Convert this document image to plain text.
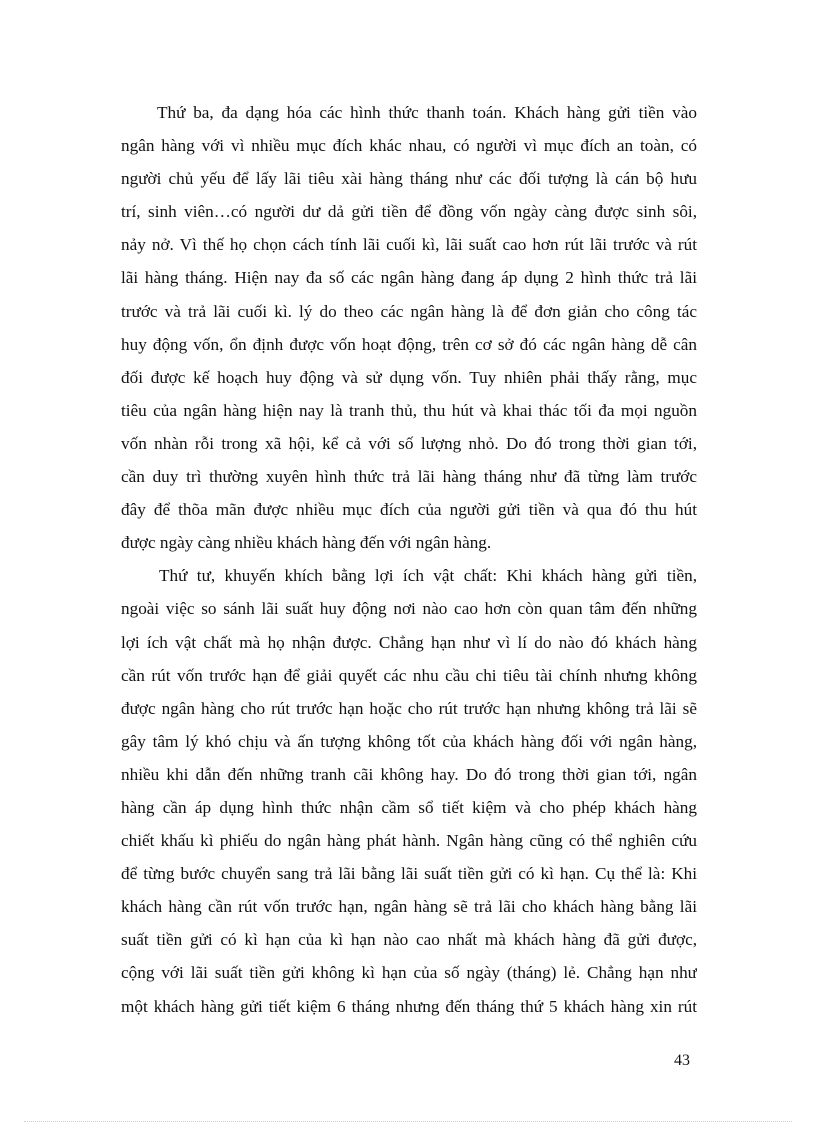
Thứ ba, đa dạng hóa các hình thức thanh toán. Khách hàng gửi tiền vào
ngân hàng với vì nhiều mục đích khác nhau, có người vì mục đích an toàn, có
người chủ yếu để lấy lãi tiêu xài hàng tháng như các đối tượng là cán bộ hưu
trí, sinh viên…có người dư dả gửi tiền để đồng vốn ngày càng được sinh sôi,
nảy nở. Vì thế họ chọn cách tính lãi cuối kì, lãi suất cao hơn rút lãi trước và rút
lãi hàng tháng. Hiện nay đa số các ngân hàng đang áp dụng 2 hình thức trả lãi
trước và trả lãi cuối kì. lý do theo các ngân hàng là để đơn giản cho công tác
huy động vốn, ổn định được vốn hoạt động, trên cơ sở đó các ngân hàng dễ cân
đối được kế hoạch huy động và sử dụng vốn. Tuy nhiên phải thấy rằng, mục
tiêu của ngân hàng hiện nay là tranh thủ, thu hút và khai thác tối đa mọi nguồn
vốn nhàn rỗi trong xã hội, kể cả với số lượng nhỏ. Do đó trong thời gian tới,
cần duy trì thường xuyên hình thức trả lãi hàng tháng như đã từng làm trước
đây để thõa mãn được nhiều mục đích của người gửi tiền và qua đó thu hút
được ngày càng nhiều khách hàng đến với ngân hàng.

Thứ tư, khuyến khích bằng lợi ích vật chất: Khi khách hàng gửi tiền,
ngoài việc so sánh lãi suất huy động nơi nào cao hơn còn quan tâm đến những
lợi ích vật chất mà họ nhận được. Chẳng hạn như vì lí do nào đó khách hàng
cần rút vốn trước hạn để giải quyết các nhu cầu chi tiêu tài chính nhưng không
được ngân hàng cho rút trước hạn hoặc cho rút trước hạn nhưng không trả lãi sẽ
gây tâm lý khó chịu và ấn tượng không tốt của khách hàng đối với ngân hàng,
nhiều khi dẫn đến những tranh cãi không hay. Do đó trong thời gian tới, ngân
hàng cần áp dụng hình thức nhận cầm sổ tiết kiệm và cho phép khách hàng
chiết khấu kì phiếu do ngân hàng phát hành. Ngân hàng cũng có thể nghiên cứu
để từng bước chuyển sang trả lãi bằng lãi suất tiền gửi có kì hạn. Cụ thể là: Khi
khách hàng cần rút vốn trước hạn, ngân hàng sẽ trả lãi cho khách hàng bằng lãi
suất tiền gửi có kì hạn của kì hạn nào cao nhất mà khách hàng đã gửi được,
cộng với lãi suất tiền gửi không kì hạn của số ngày (tháng) lẻ. Chẳng hạn như
một khách hàng gửi tiết kiệm 6 tháng nhưng đến tháng thứ 5 khách hàng xin rút

43
